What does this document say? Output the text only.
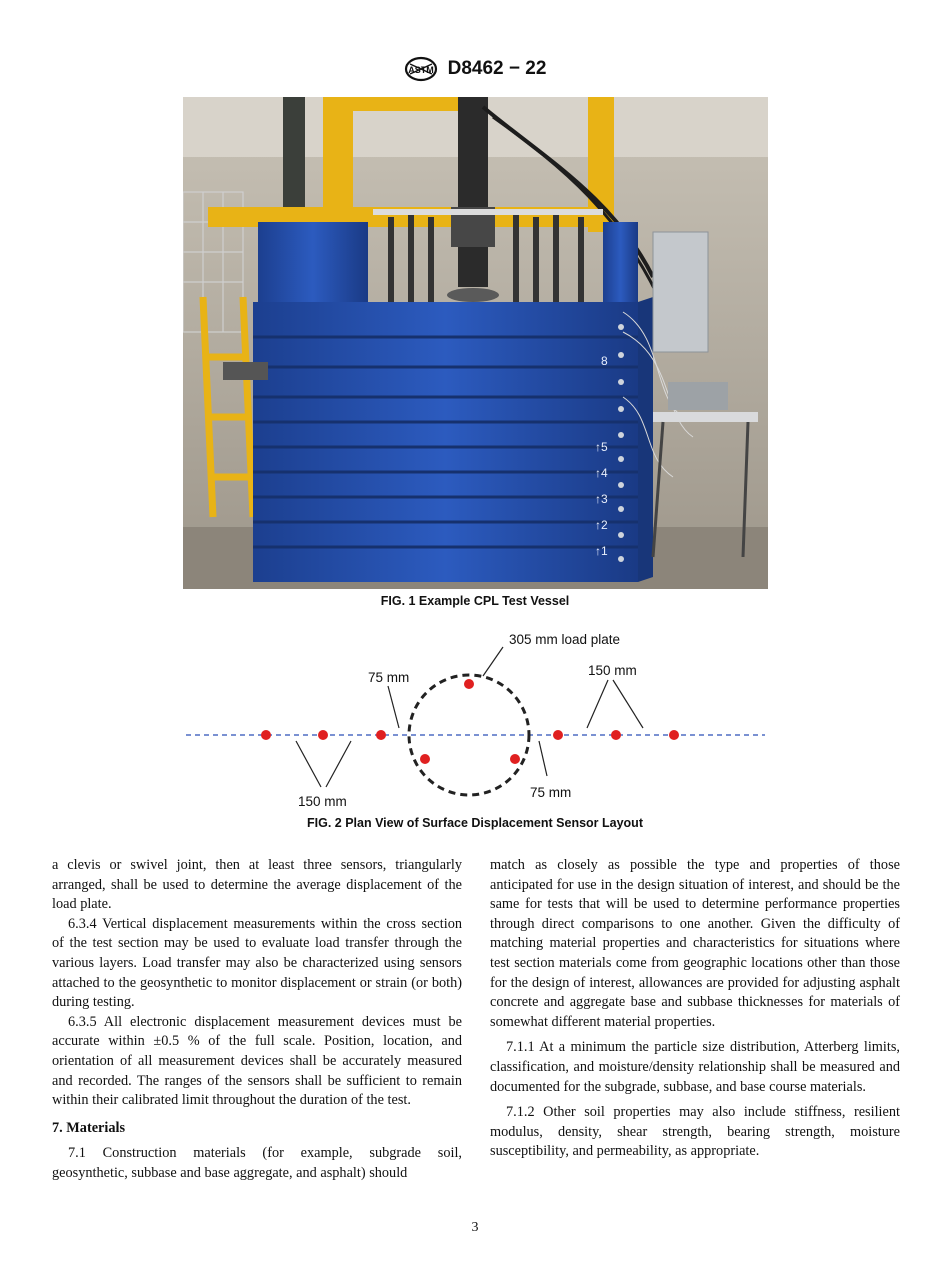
ASTM D8462 − 22
8
↑5
↑4
↑3
↑2
↑1
FIG. 1 Example CPL Test Vessel
305 mm load plate
75 mm	150 mm
150 mm
75 mm
FIG. 2 Plan View of Surface Displacement Sensor Layout

a clevis or swivel joint, then at least three sensors, triangularly arranged, shall be used to determine the average displacement of the load plate.

6.3.4 Vertical displacement measurements within the cross section of the test section may be used to evaluate load transfer through the various layers. Load transfer may also be characterized using sensors attached to the geosynthetic to monitor displacement or strain (or both) during testing.

6.3.5 All electronic displacement measurement devices must be accurate within ±0.5 % of the full scale. Position, location, and orientation of all measurement devices shall be accurately measured and recorded. The ranges of the sensors shall be sufficient to remain within their calibrated limit throughout the duration of the test.

7. Materials

7.1 Construction materials (for example, subgrade soil, geosynthetic, subbase and base aggregate, and asphalt) should

match as closely as possible the type and properties of those anticipated for use in the design situation of interest, and should be the same for tests that will be used to determine performance properties through direct comparisons to one another. Given the difficulty of matching material properties and characteristics for situations where test section materials come from geographic locations other than those for the design of interest, allowances are provided for adjusting asphalt concrete and aggregate base and subbase thicknesses for materials of somewhat different material properties.

7.1.1 At a minimum the particle size distribution, Atterberg limits, classification, and moisture/density relationship shall be measured and documented for the subgrade, subbase, and base course materials.

7.1.2 Other soil properties may also include stiffness, resilient modulus, density, shear strength, bearing strength, moisture susceptibility, and permeability, as appropriate.

3
